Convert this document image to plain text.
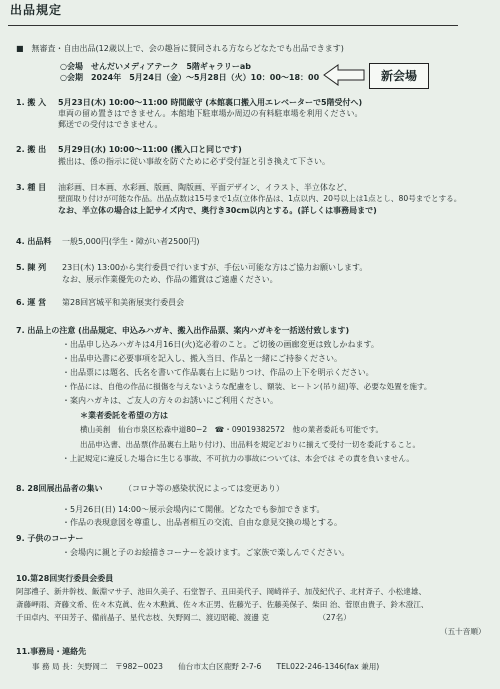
出品規定
■　無審査・自由出品(12歳以上で、会の趣旨に賛同される方ならどなたでも出品できます)
○会場　せんだいメディアテーク　5階ギャラリーab
○会期　2024年　5月24日（金）〜5月28日（火）10：00〜18：00	新会場
1. 搬 入 5月23日(木) 10:00〜11:00 時間厳守 (本館裏口搬入用エレベーターで5階受付へ)
車両の留め置きはできません。本館地下駐車場か周辺の有料駐車場を利用ください。
郵送での受付はできません。
2. 搬 出 5月29日(水) 10:00〜11:00 (搬入口と同じです)
搬出は、係の指示に従い事故を防ぐために必ず受付証と引き換えて下さい。
3. 種 目 油彩画、日本画、水彩画、版画、陶版画、平面デザイン、イラスト、半立体など、
壁面取り付けが可能な作品。出品点数は15号まで1点(立体作品は、1点以内、20号以上は1点とし、80号までとする。
なお、半立体の場合は上記サイズ内で、奥行き30cm以内とする。(詳しくは事務局まで)
4. 出品料 一般5,000円(学生・障がい者2500円)
5. 陳 列 23日(木) 13:00から実行委員で行いますが、手伝い可能な方はご協力お願いします。
なお、展示作業優先のため、作品の鑑賞はご遠慮ください。
6. 運 営 第28回宮城平和美術展実行委員会
7. 出品上の注意 (出品規定、申込みハガキ、搬入出作品票、案内ハガキを一括送付致します)
・出品申し込みハガキは4月16日(火)迄必着のこと。ご切後の画廊変更は致しかねます。
・出品申込書に必要事項を記入し、搬入当日、作品と一緒にご持参ください。
・出品票には題名、氏名を書いて作品裏右上に貼りつけ、作品の上下を明示ください。
・作品には、自他の作品に損傷を与えないような配慮をし、額装、ヒートン(吊り紐)等、必要な処置を施す。
・案内ハガキは、ご友人の方々のお誘いにご利用ください。
＊業者委託を希望の方は
横山美創　仙台市泉区松森中道80−2　☎・09019382572　他の業者委託も可能です。
出品申込書、出品票(作品裏右上貼り付け)、出品料を規定どおりに揃えて受付一切を委託すること。
・上記規定に違反した場合に生じる事故、不可抗力の事故については、本会では その責を負いません。
8. 28回展出品者の集い	（コロナ等の感染状況によっては変更あり）
・5月26日(日) 14:00〜展示会場内にて開催。どなたでも参加できます。
・作品の表現意図を尊重し、出品者相互の交流、自由な意見交換の場とする。
9. 子供のコーナー
・会場内に親と子のお絵描きコーナーを設けます。ご家族で楽しんでください。
10.第28回実行委員会委員
阿部禮子、新井幹枝、飯淵マサ子、池田久美子、石堂智子、丑田美代子、岡崎祥子、加茂紀代子、北村斉子、小松達雄、
斎藤岬雨、斉藤文希、佐々木克眞、佐々木勲眞、佐々木正男、佐藤光子、佐藤美保子、柴田 治、菅原由貴子、鈴木澄江、
千田卓内、平田芳子、備前晶子、星代志枝、矢野岡二、渡辺昭範、渡邊 克　　　　　　　（27名）
（五十音順）
11.事務局・連絡先
事 務 局 長：矢野岡二　〒982−0023　　仙台市太白区鹿野 2-7-6　　TEL022-246-1346(fax 兼用)
